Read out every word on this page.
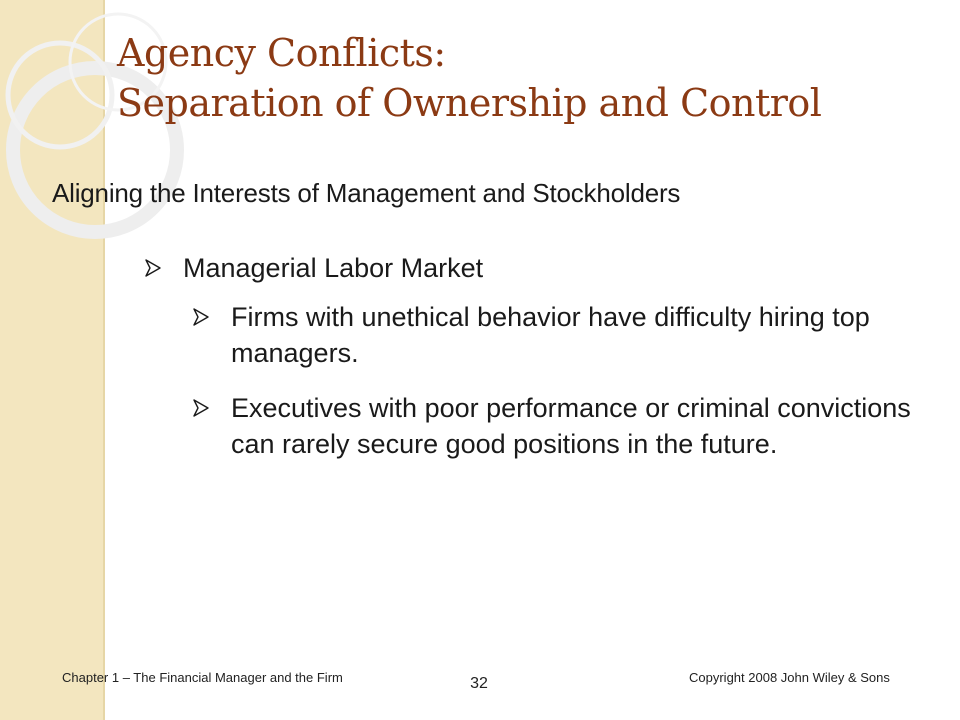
Agency Conflicts:
Separation of Ownership and Control
Aligning the Interests of Management and Stockholders
Managerial Labor Market
Firms with unethical behavior have difficulty hiring top managers.
Executives with poor performance or criminal convictions can rarely secure good positions in the future.
Chapter 1 – The Financial Manager and the Firm	32	Copyright 2008 John Wiley & Sons
